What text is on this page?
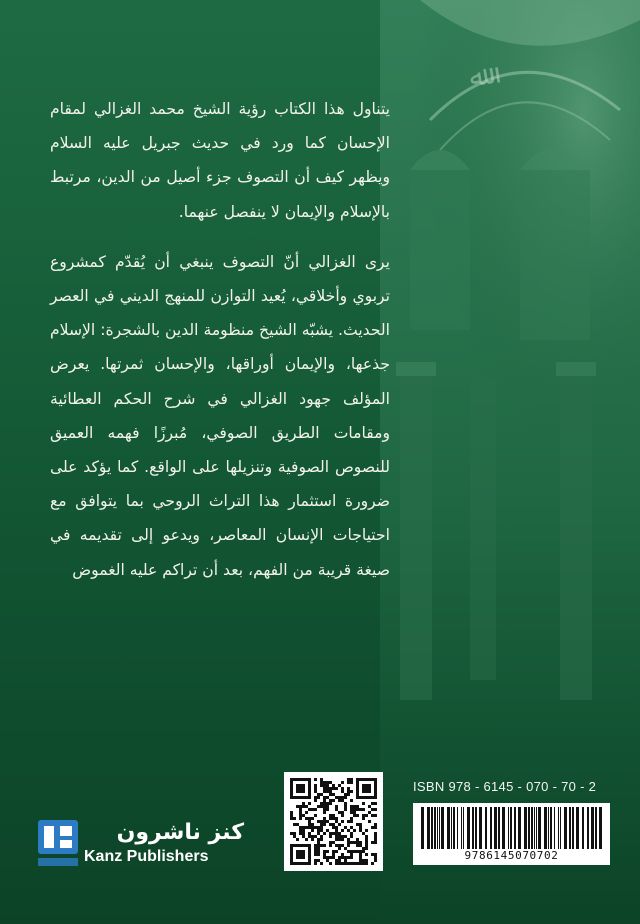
ﷲ

يتناول هذا الكتاب رؤية الشيخ محمد الغزالي لمقام الإحسان كما ورد في حديث جبريل عليه السلام ويظهر كيف أن التصوف جزء أصيل من الدين، مرتبط بالإسلام والإيمان لا ينفصل عنهما.

يرى الغزالي أنّ التصوف ينبغي أن يُقدّم كمشروع تربوي وأخلاقي، يُعيد التوازن للمنهج الديني في العصر الحديث. يشبّه الشيخ منظومة الدين بالشجرة: الإسلام جذعها، والإيمان أوراقها، والإحسان ثمرتها. يعرض المؤلف جهود الغزالي في شرح الحكم العطائية ومقامات الطريق الصوفي، مُبرزًا فهمه العميق للنصوص الصوفية وتنزيلها على الواقع. كما يؤكد على ضرورة استثمار هذا التراث الروحي بما يتوافق مع احتياجات الإنسان المعاصر، ويدعو إلى تقديمه في صيغة قريبة من الفهم، بعد أن تراكم عليه الغموض

ISBN 978 - 6145 - 070 - 70 - 2
9786145070702
كنز ناشرون
Kanz Publishers
